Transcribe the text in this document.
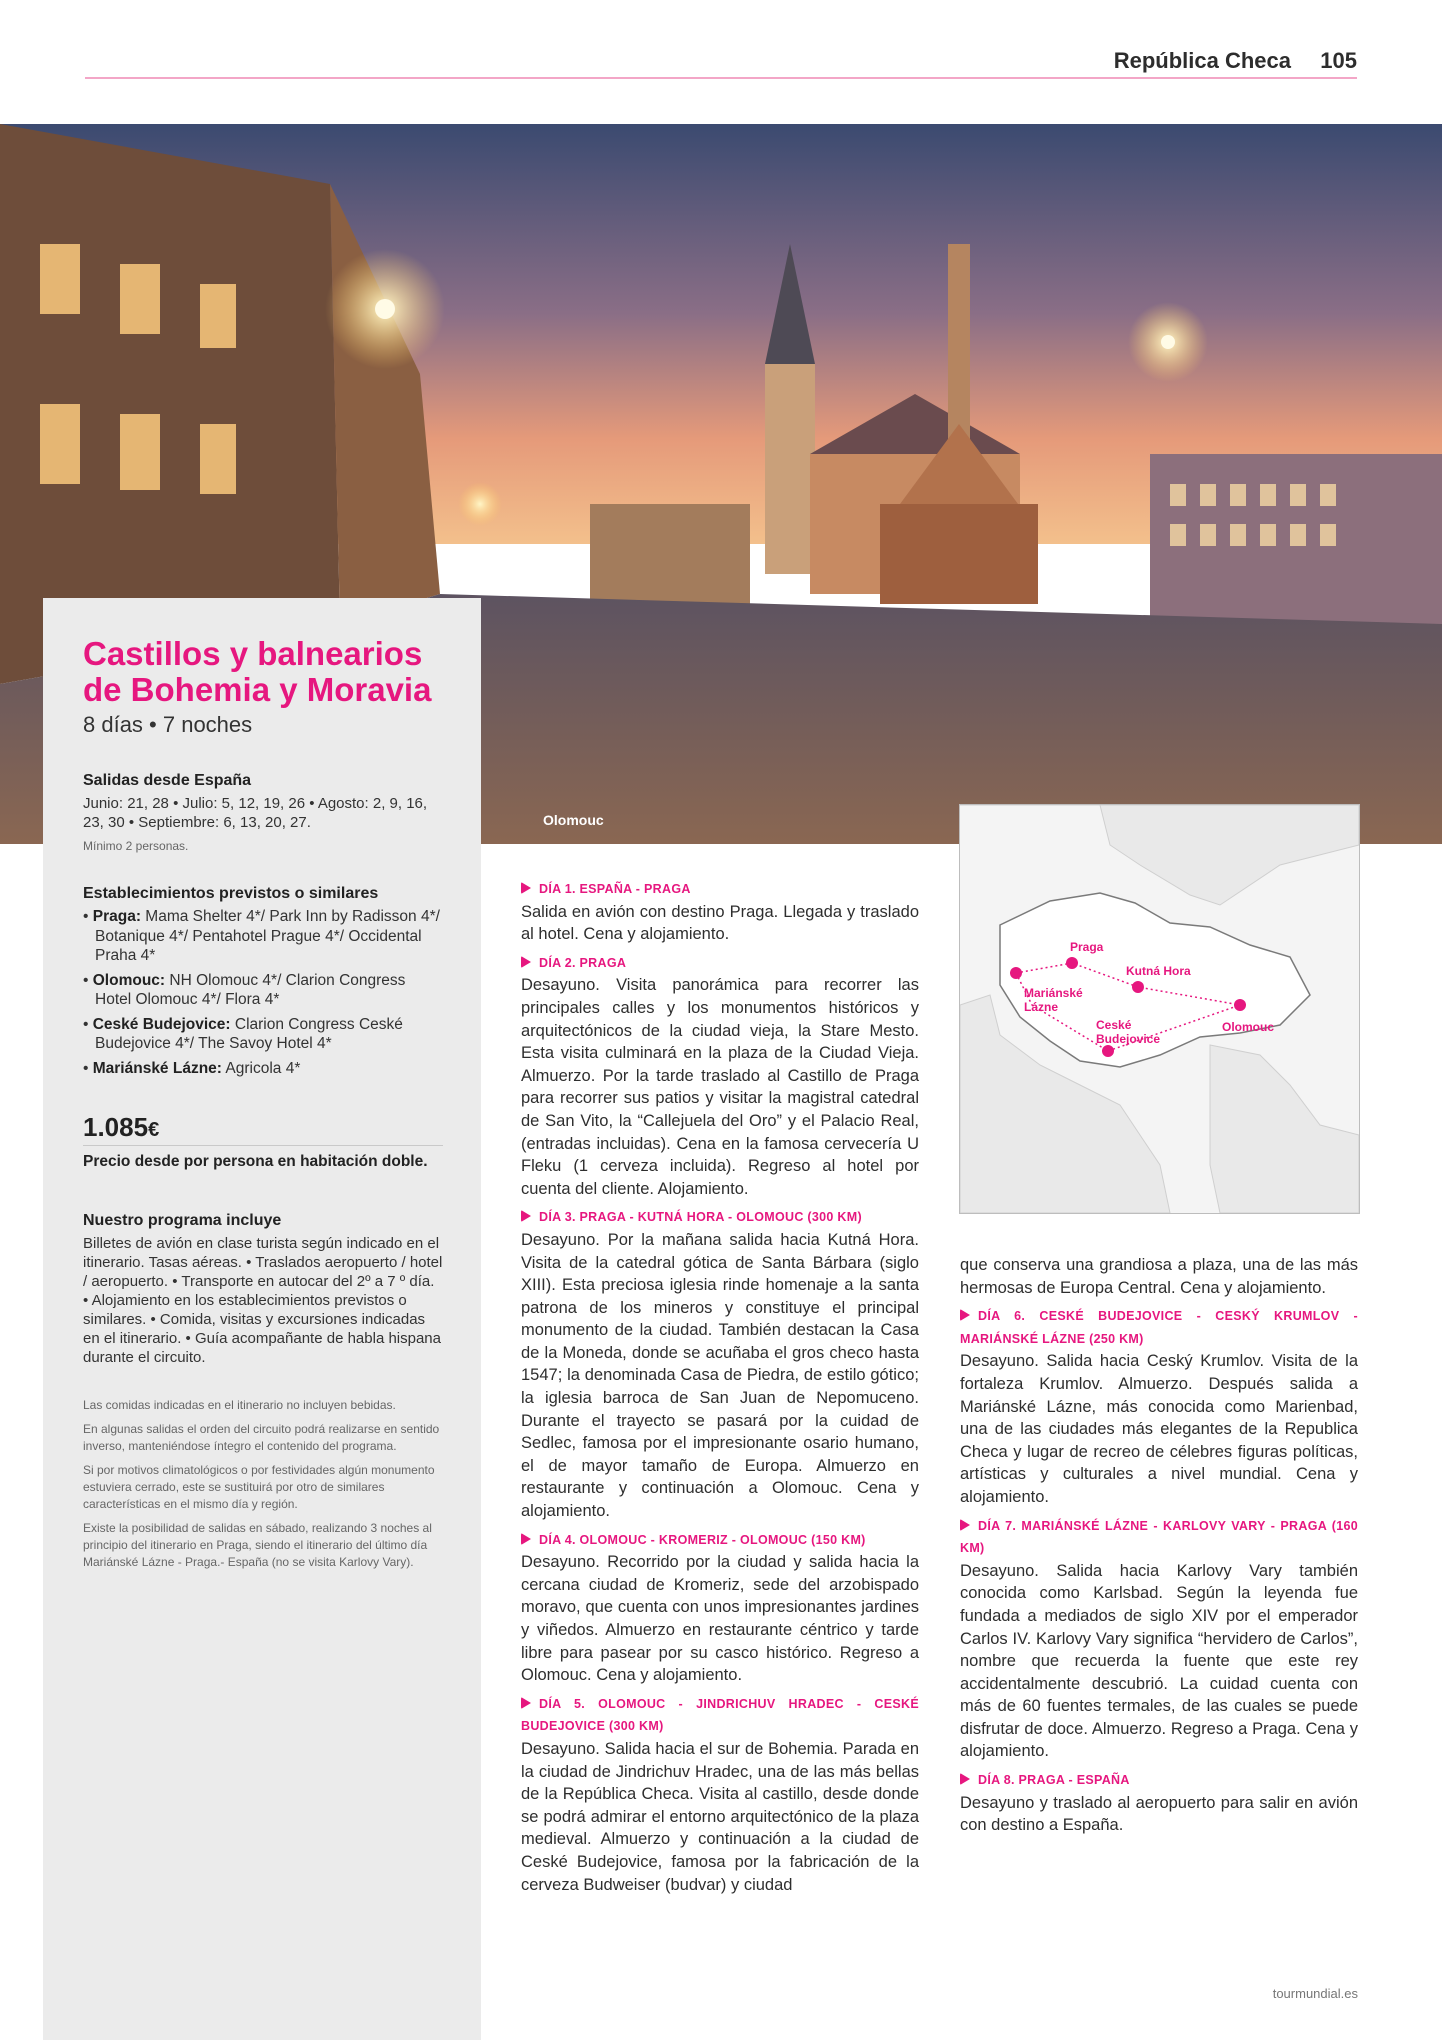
República Checa 105
Olomouc
Castillos y balnearios
de Bohemia y Moravia
8 días • 7 noches
Salidas desde España
Junio: 21, 28 • Julio: 5, 12, 19, 26 • Agosto: 2, 9, 16, 23, 30 • Septiembre: 6, 13, 20, 27.
Mínimo 2 personas.
Establecimientos previstos o similares
• Praga: Mama Shelter 4*/ Park Inn by Radisson 4*/ Botanique 4*/ Pentahotel Prague 4*/ Occidental Praha 4*
• Olomouc: NH Olomouc 4*/ Clarion Congress Hotel Olomouc 4*/ Flora 4*
• Ceské Budejovice: Clarion Congress Ceské Budejovice 4*/ The Savoy Hotel 4*
• Mariánské Lázne: Agricola 4*
1.085€
Precio desde por persona en habitación doble.
Nuestro programa incluye
Billetes de avión en clase turista según indicado en el itinerario. Tasas aéreas. • Traslados aeropuerto / hotel / aeropuerto. • Transporte en autocar del 2º a 7 º día. • Alojamiento en los establecimientos previstos o similares. • Comida, visitas y excursiones indicadas en el itinerario. • Guía acompañante de habla hispana durante el circuito.
Las comidas indicadas en el itinerario no incluyen bebidas.
En algunas salidas el orden del circuito podrá realizarse en sentido inverso, manteniéndose íntegro el contenido del programa.
Si por motivos climatológicos o por festividades algún monumento estuviera cerrado, este se sustituirá por otro de similares características en el mismo día y región.
Existe la posibilidad de salidas en sábado, realizando 3 noches al principio del itinerario en Praga, siendo el itinerario del último día Mariánské Lázne - Praga.- España (no se visita Karlovy Vary).
DÍA 1. ESPAÑA - PRAGA

Salida en avión con destino Praga. Llegada y traslado al hotel. Cena y alojamiento.

DÍA 2. PRAGA

Desayuno. Visita panorámica para recorrer las principales calles y los monumentos históricos y arquitectónicos de la ciudad vieja, la Stare Mesto. Esta visita culminará en la plaza de la Ciudad Vieja. Almuerzo. Por la tarde traslado al Castillo de Praga para recorrer sus patios y visitar la magistral catedral de San Vito, la “Callejuela del Oro” y el Palacio Real, (entradas incluidas). Cena en la famosa cervecería U Fleku (1 cerveza incluida). Regreso al hotel por cuenta del cliente. Alojamiento.

DÍA 3. PRAGA - KUTNÁ HORA - OLOMOUC (300 KM)

Desayuno. Por la mañana salida hacia Kutná Hora. Visita de la catedral gótica de Santa Bárbara (siglo XIII). Esta preciosa iglesia rinde homenaje a la santa patrona de los mineros y constituye el principal monumento de la ciudad. También destacan la Casa de la Moneda, donde se acuñaba el gros checo hasta 1547; la denominada Casa de Piedra, de estilo gótico; la iglesia barroca de San Juan de Nepomuceno. Durante el trayecto se pasará por la cuidad de Sedlec, famosa por el impresionante osario humano, el de mayor tamaño de Europa. Almuerzo en restaurante y continuación a Olomouc. Cena y alojamiento.

DÍA 4. OLOMOUC - KROMERIZ - OLOMOUC (150 KM)

Desayuno. Recorrido por la ciudad y salida hacia la cercana ciudad de Kromeriz, sede del arzobispado moravo, que cuenta con unos impresionantes jardines y viñedos. Almuerzo en restaurante céntrico y tarde libre para pasear por su casco histórico. Regreso a Olomouc. Cena y alojamiento.

DÍA 5. OLOMOUC - JINDRICHUV HRADEC - CESKÉ BUDEJOVICE (300 KM)

Desayuno. Salida hacia el sur de Bohemia. Parada en la ciudad de Jindrichuv Hradec, una de las más bellas de la República Checa. Visita al castillo, desde donde se podrá admirar el entorno arquitectónico de la plaza medieval. Almuerzo y continuación a la ciudad de Ceské Budejovice, famosa por la fabricación de la cerveza Budweiser (budvar) y ciudad

Praga
Kutná Hora
Mariánské
Lázne
Ceské
Budejovice
Olomouc

que conserva una grandiosa a plaza, una de las más hermosas de Europa Central. Cena y alojamiento.

DÍA 6. CESKÉ BUDEJOVICE - CESKÝ KRUMLOV - MARIÁNSKÉ LÁZNE (250 KM)

Desayuno. Salida hacia Ceský Krumlov. Visita de la fortaleza Krumlov. Almuerzo. Después salida a Mariánské Lázne, más conocida como Marienbad, una de las ciudades más elegantes de la Republica Checa y lugar de recreo de célebres figuras políticas, artísticas y culturales a nivel mundial. Cena y alojamiento.

DÍA 7. MARIÁNSKÉ LÁZNE - KARLOVY VARY - PRAGA (160 KM)

Desayuno. Salida hacia Karlovy Vary también conocida como Karlsbad. Según la leyenda fue fundada a mediados de siglo XIV por el emperador Carlos IV. Karlovy Vary significa “hervidero de Carlos”, nombre que recuerda la fuente que este rey accidentalmente descubrió. La cuidad cuenta con más de 60 fuentes termales, de las cuales se puede disfrutar de doce. Almuerzo. Regreso a Praga. Cena y alojamiento.

DÍA 8. PRAGA - ESPAÑA

Desayuno y traslado al aeropuerto para salir en avión con destino a España.

tourmundial.es
